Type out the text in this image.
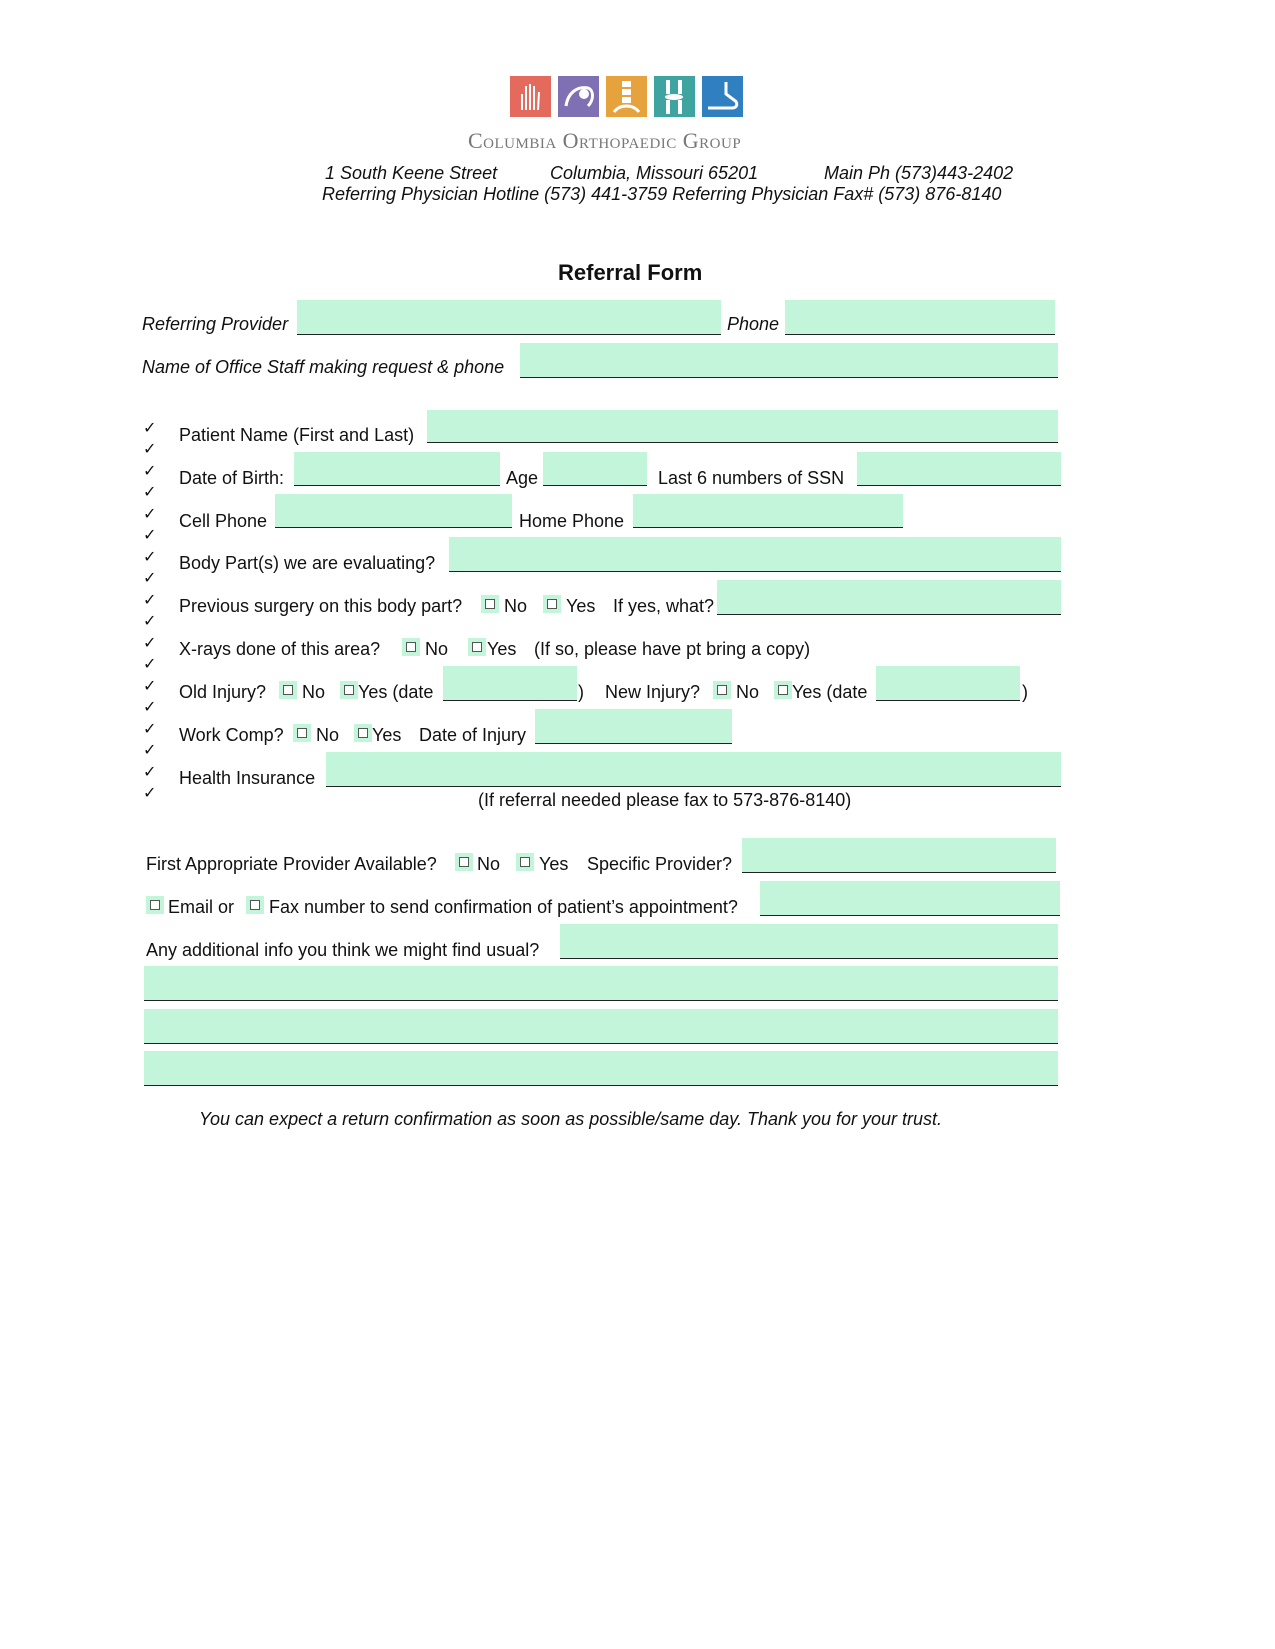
Columbia Orthopaedic Group
1 South Keene Street	Columbia, Missouri 65201	Main Ph (573)443-2402
Referring Physician Hotline (573) 441-3759 Referring Physician Fax# (573) 876-8140
Referral Form
Referring Provider	Phone
Name of Office Staff making request & phone
✓
✓
✓
✓
✓
✓
✓
✓
✓
✓
✓
✓
✓
✓
✓
✓
✓
✓
Patient Name (First and Last)
Date of Birth:	Age	Last 6 numbers of SSN
Cell Phone	Home Phone
Body Part(s) we are evaluating?
Previous surgery on this body part? No Yes If yes, what?
X-rays done of this area? No Yes (If so, please have pt bring a copy)
Old Injury? No Yes (date	) New Injury? No Yes (date	)
Work Comp? No Yes Date of Injury
Health Insurance
(If referral needed please fax to 573-876-8140)
First Appropriate Provider Available? No Yes Specific Provider?
Email or Fax number to send confirmation of patient’s appointment?
Any additional info you think we might find usual?
You can expect a return confirmation as soon as possible/same day. Thank you for your trust.
